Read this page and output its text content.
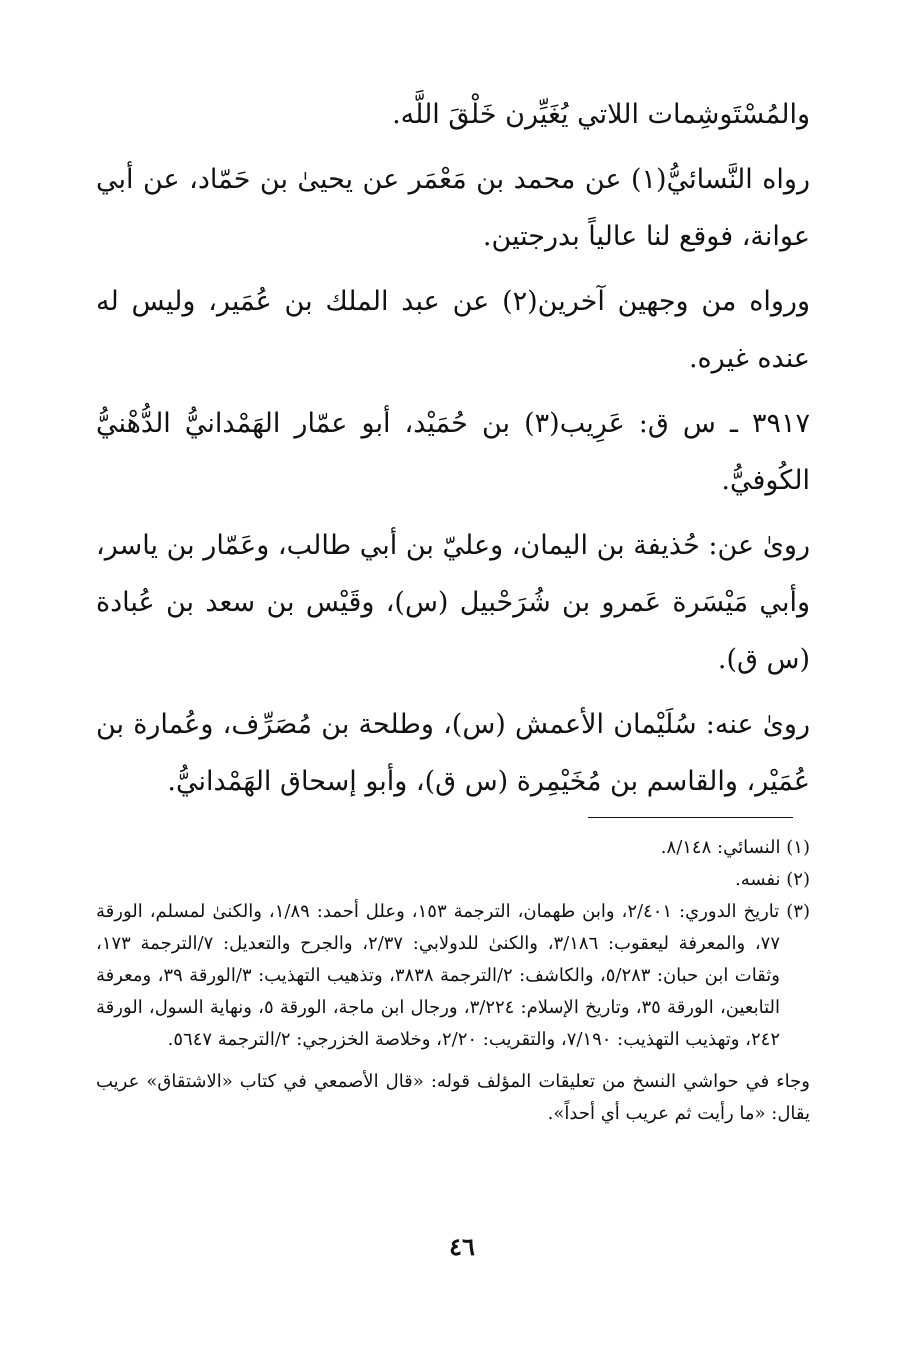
والمُسْتَوشِمات اللاتي يُغَيِّرن خَلْقَ اللَّه.

رواه النَّسائيُّ(١) عن محمد بن مَعْمَر عن يحيىٰ بن حَمّاد، عن أبي عوانة، فوقع لنا عالياً بدرجتين.

ورواه من وجهين آخرين(٢) عن عبد الملك بن عُمَير، وليس له عنده غيره.

٣٩١٧ ـ س ق: عَرِيب(٣) بن حُمَيْد، أبو عمّار الهَمْدانيُّ الدُّهْنيُّ الكُوفيُّ.

روىٰ عن: حُذيفة بن اليمان، وعليّ بن أبي طالب، وعَمّار بن ياسر، وأبي مَيْسَرة عَمرو بن شُرَحْبيل (س)، وقَيْس بن سعد بن عُبادة (س ق).

روىٰ عنه: سُلَيْمان الأعمش (س)، وطلحة بن مُصَرِّف، وعُمارة بن عُمَيْر، والقاسم بن مُخَيْمِرة (س ق)، وأبو إسحاق الهَمْدانيُّ.

(١) النسائي: ٨/١٤٨.

(٢) نفسه.

(٣) تاريخ الدوري: ٢/٤٠١، وابن طهمان، الترجمة ١٥٣، وعلل أحمد: ١/٨٩، والكنىٰ لمسلم، الورقة ٧٧، والمعرفة ليعقوب: ٣/١٨٦، والكنىٰ للدولابي: ٢/٣٧، والجرح والتعديل: ٧/الترجمة ١٧٣، وثقات ابن حبان: ٥/٢٨٣، والكاشف: ٢/الترجمة ٣٨٣٨، وتذهيب التهذيب: ٣/الورقة ٣٩، ومعرفة التابعين، الورقة ٣٥، وتاريخ الإسلام: ٣/٢٢٤، ورجال ابن ماجة، الورقة ٥، ونهاية السول، الورقة ٢٤٢، وتهذيب التهذيب: ٧/١٩٠، والتقريب: ٢/٢٠، وخلاصة الخزرجي: ٢/الترجمة ٥٦٤٧.

وجاء في حواشي النسخ من تعليقات المؤلف قوله: «قال الأصمعي في كتاب «الاشتقاق» عريب يقال: «ما رأيت ثم عريب أي أحداً».

٤٦
